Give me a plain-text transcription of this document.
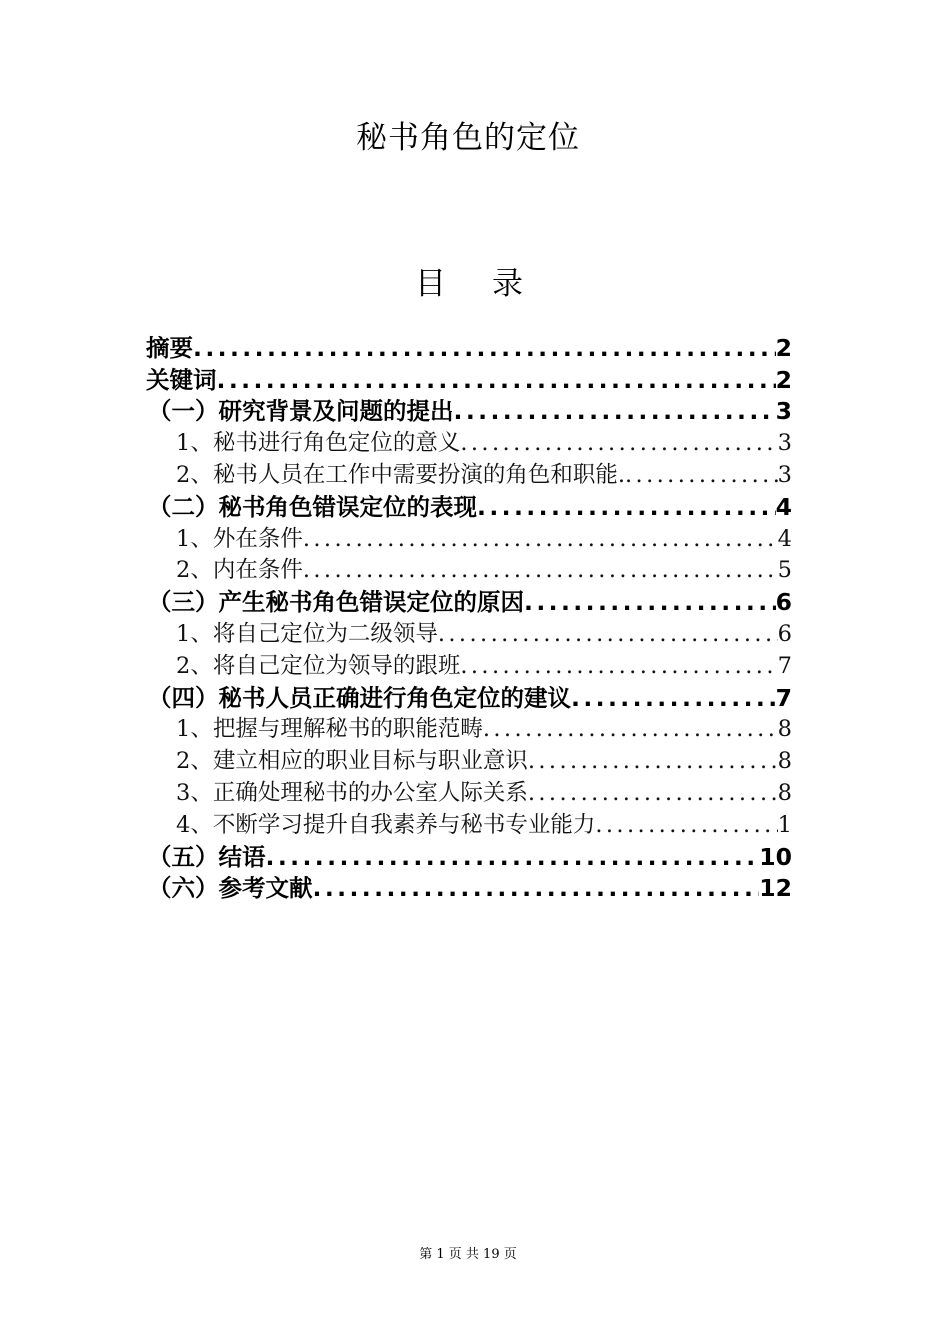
秘书角色的定位
目 录
摘要 .....	2
关键词 .....	2
（一）研究背景及问题的提出 .....	3
1、秘书进行角色定位的意义 .....	3
2、秘书人员在工作中需要扮演的角色和职能. .....	3
（二）秘书角色错误定位的表现 .....	4
1、外在条件 .....	4
2、内在条件 .....	5
（三）产生秘书角色错误定位的原因 .....	6
1、将自己定位为二级领导 .....	6
2、将自己定位为领导的跟班 .....	7
（四）秘书人员正确进行角色定位的建议 .....	7
1、把握与理解秘书的职能范畴 .....	8
2、建立相应的职业目标与职业意识 .....	8
3、正确处理秘书的办公室人际关系 .....	8
4、不断学习提升自我素养与秘书专业能力 .....	1
（五）结语 .....	10
（六）参考文献 .....	12
第 1 页 共 19 页
